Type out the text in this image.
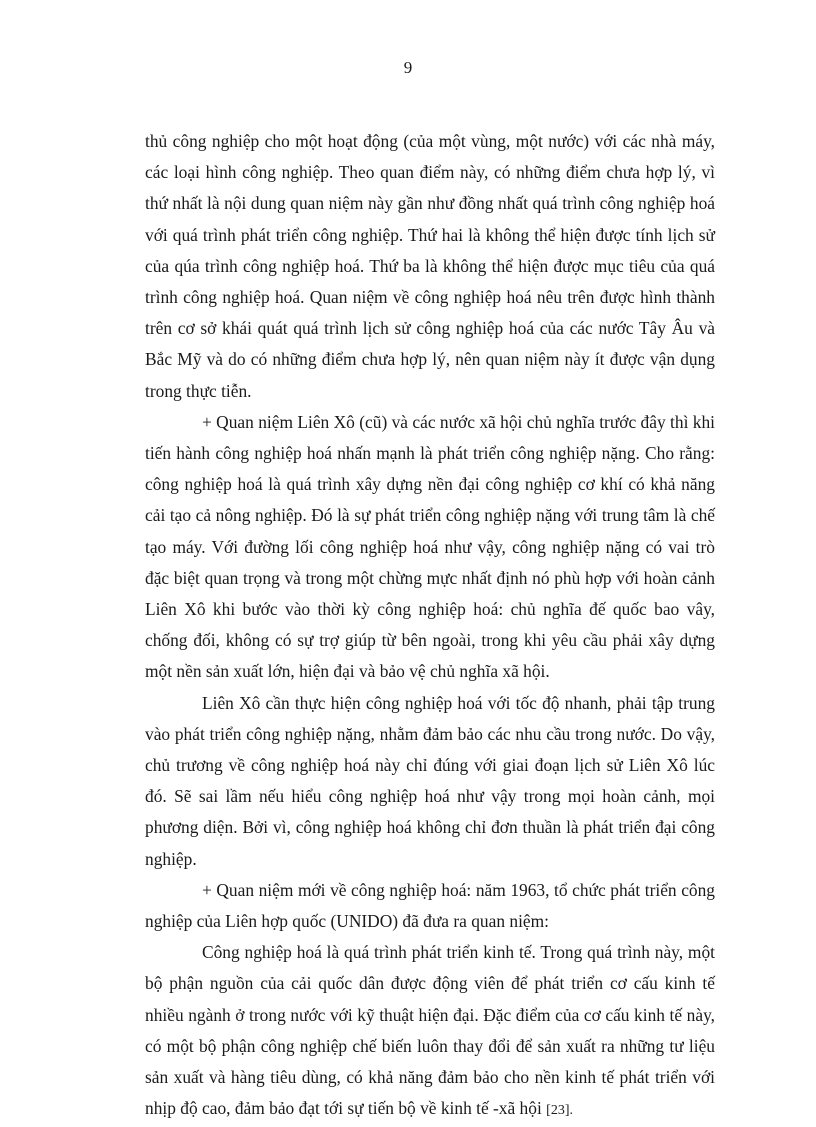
9

thủ công nghiệp cho một hoạt động (của một vùng, một nước) với các nhà máy, các loại hình công nghiệp. Theo quan điểm này, có những điểm chưa hợp lý, vì thứ nhất là nội dung quan niệm này gần như đồng nhất quá trình công nghiệp hoá với quá trình phát triển công nghiệp. Thứ hai là không thể hiện được tính lịch sử của qúa trình công nghiệp hoá. Thứ ba là không thể hiện được mục tiêu của quá trình công nghiệp hoá. Quan niệm về công nghiệp hoá nêu trên được hình thành trên cơ sở khái quát quá trình lịch sử công nghiệp hoá của các nước Tây Âu và Bắc Mỹ và do có những điểm chưa hợp lý, nên quan niệm này ít được vận dụng trong thực tiễn.

+ Quan niệm Liên Xô (cũ) và các nước xã hội chủ nghĩa trước đây thì khi tiến hành công nghiệp hoá nhấn mạnh là phát triển công nghiệp nặng. Cho rằng: công nghiệp hoá là quá trình xây dựng nền đại công nghiệp cơ khí có khả năng cải tạo cả nông nghiệp. Đó là sự phát triển công nghiệp nặng với trung tâm là chế tạo máy. Với đường lối công nghiệp hoá như vậy, công nghiệp nặng có vai trò đặc biệt quan trọng và trong một chừng mực nhất định nó phù hợp với hoàn cảnh Liên Xô khi bước vào thời kỳ công nghiệp hoá: chủ nghĩa đế quốc bao vây, chống đối, không có sự trợ giúp từ bên ngoài, trong khi yêu cầu phải xây dựng một nền sản xuất lớn, hiện đại và bảo vệ chủ nghĩa xã hội.

Liên Xô cần thực hiện công nghiệp hoá với tốc độ nhanh, phải tập trung vào phát triển công nghiệp nặng, nhằm đảm bảo các nhu cầu trong nước. Do vậy, chủ trương về công nghiệp hoá này chỉ đúng với giai đoạn lịch sử Liên Xô lúc đó. Sẽ sai lầm nếu hiểu công nghiệp hoá như vậy trong mọi hoàn cảnh, mọi phương diện. Bởi vì, công nghiệp hoá không chỉ đơn thuần là phát triển đại công nghiệp.

+ Quan niệm mới về công nghiệp hoá: năm 1963, tổ chức phát triển công nghiệp của Liên hợp quốc (UNIDO) đã đưa ra quan niệm:

Công nghiệp hoá là quá trình phát triển kinh tế. Trong quá trình này, một bộ phận nguồn của cải quốc dân được động viên để phát triển cơ cấu kinh tế nhiều ngành ở trong nước với kỹ thuật hiện đại. Đặc điểm của cơ cấu kinh tế này, có một bộ phận công nghiệp chế biến luôn thay đổi để sản xuất ra những tư liệu sản xuất và hàng tiêu dùng, có khả năng đảm bảo cho nền kinh tế phát triển với nhịp độ cao, đảm bảo đạt tới sự tiến bộ về kinh tế -xã hội [23].
